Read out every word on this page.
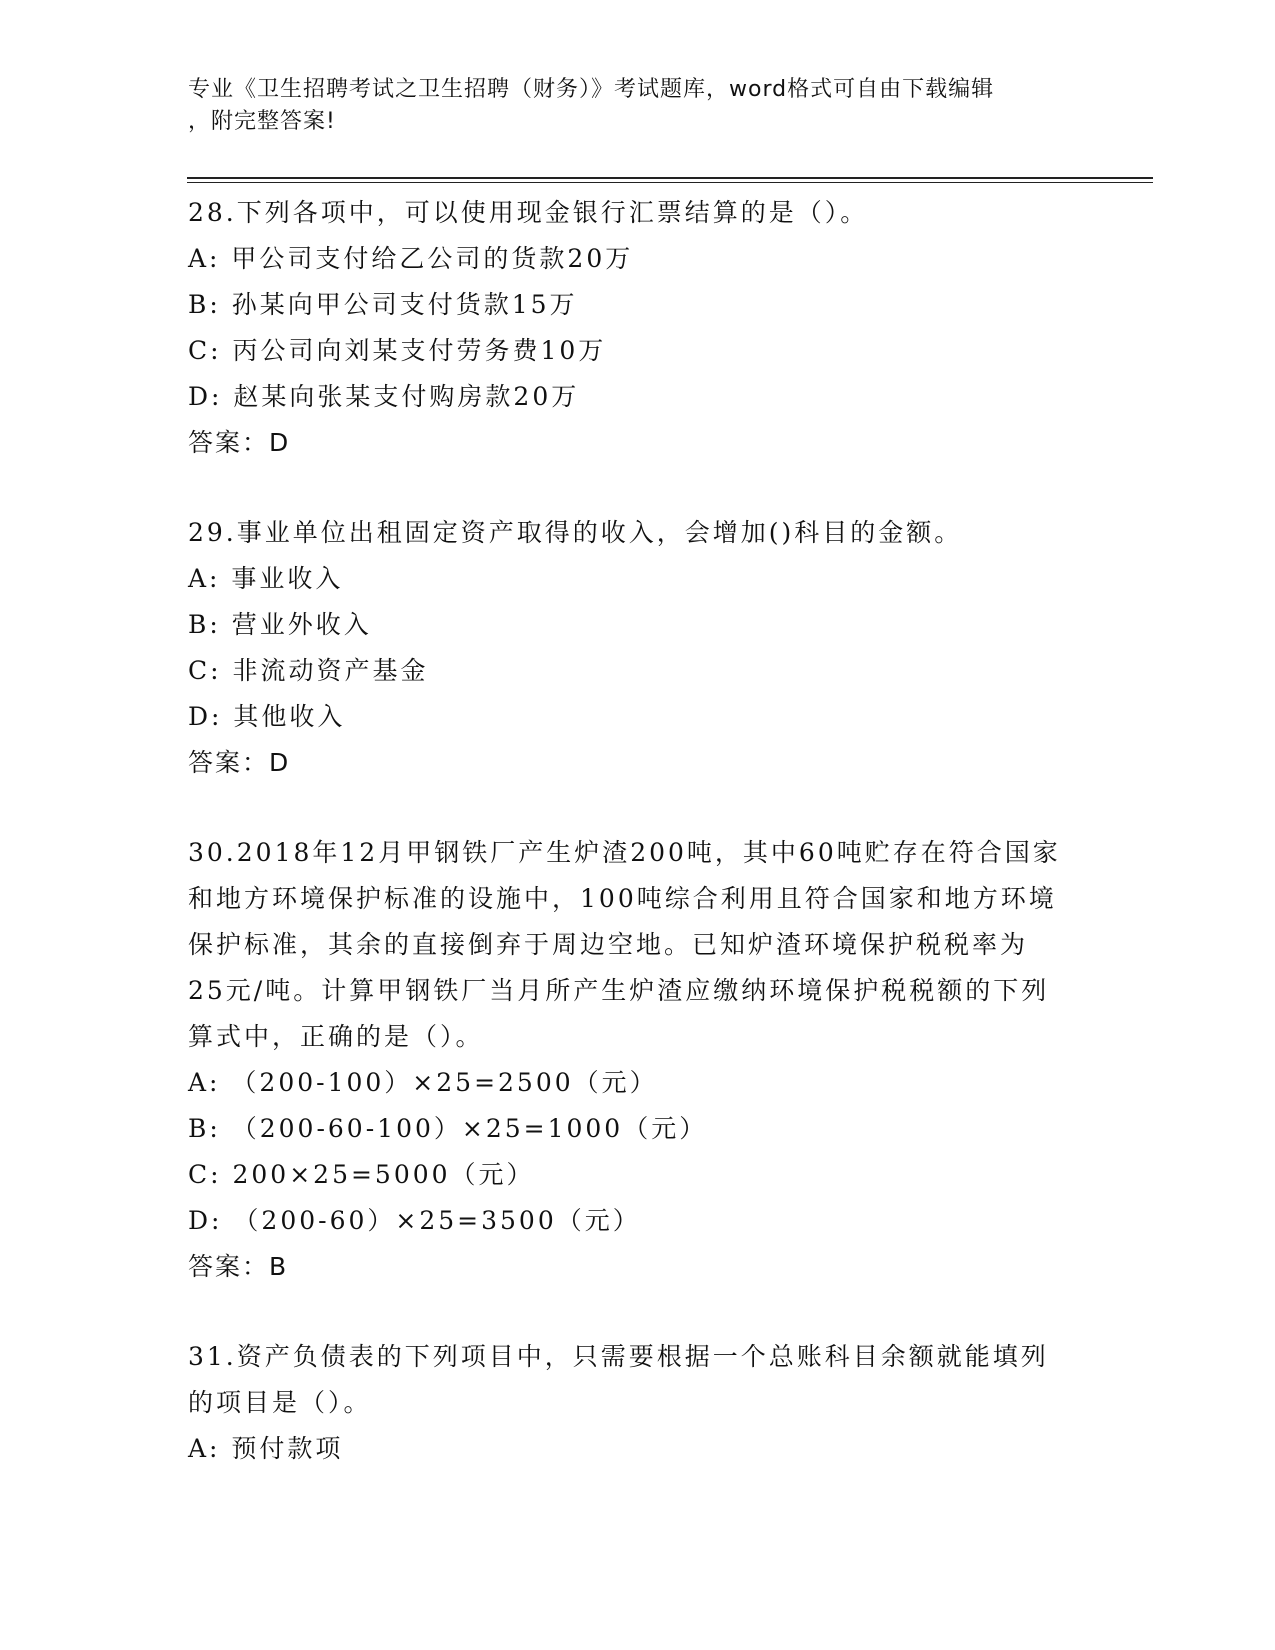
专业《卫生招聘考试之卫生招聘（财务）》考试题库，word格式可自由下载编辑
，附完整答案!
28.下列各项中，可以使用现金银行汇票结算的是（）。
A: 甲公司支付给乙公司的货款20万
B: 孙某向甲公司支付货款15万
C: 丙公司向刘某支付劳务费10万
D: 赵某向张某支付购房款20万
答案：D
29.事业单位出租固定资产取得的收入，会增加()科目的金额。
A: 事业收入
B: 营业外收入
C: 非流动资产基金
D: 其他收入
答案：D
30.2018年12月甲钢铁厂产生炉渣200吨，其中60吨贮存在符合国家
和地方环境保护标准的设施中，100吨综合利用且符合国家和地方环境
保护标准，其余的直接倒弃于周边空地。已知炉渣环境保护税税率为
25元/吨。计算甲钢铁厂当月所产生炉渣应缴纳环境保护税税额的下列
算式中，正确的是（）。
A: （200-100）×25=2500（元）
B: （200-60-100）×25=1000（元）
C: 200×25=5000（元）
D: （200-60）×25=3500（元）
答案：B
31.资产负债表的下列项目中，只需要根据一个总账科目余额就能填列
的项目是（）。
A: 预付款项
